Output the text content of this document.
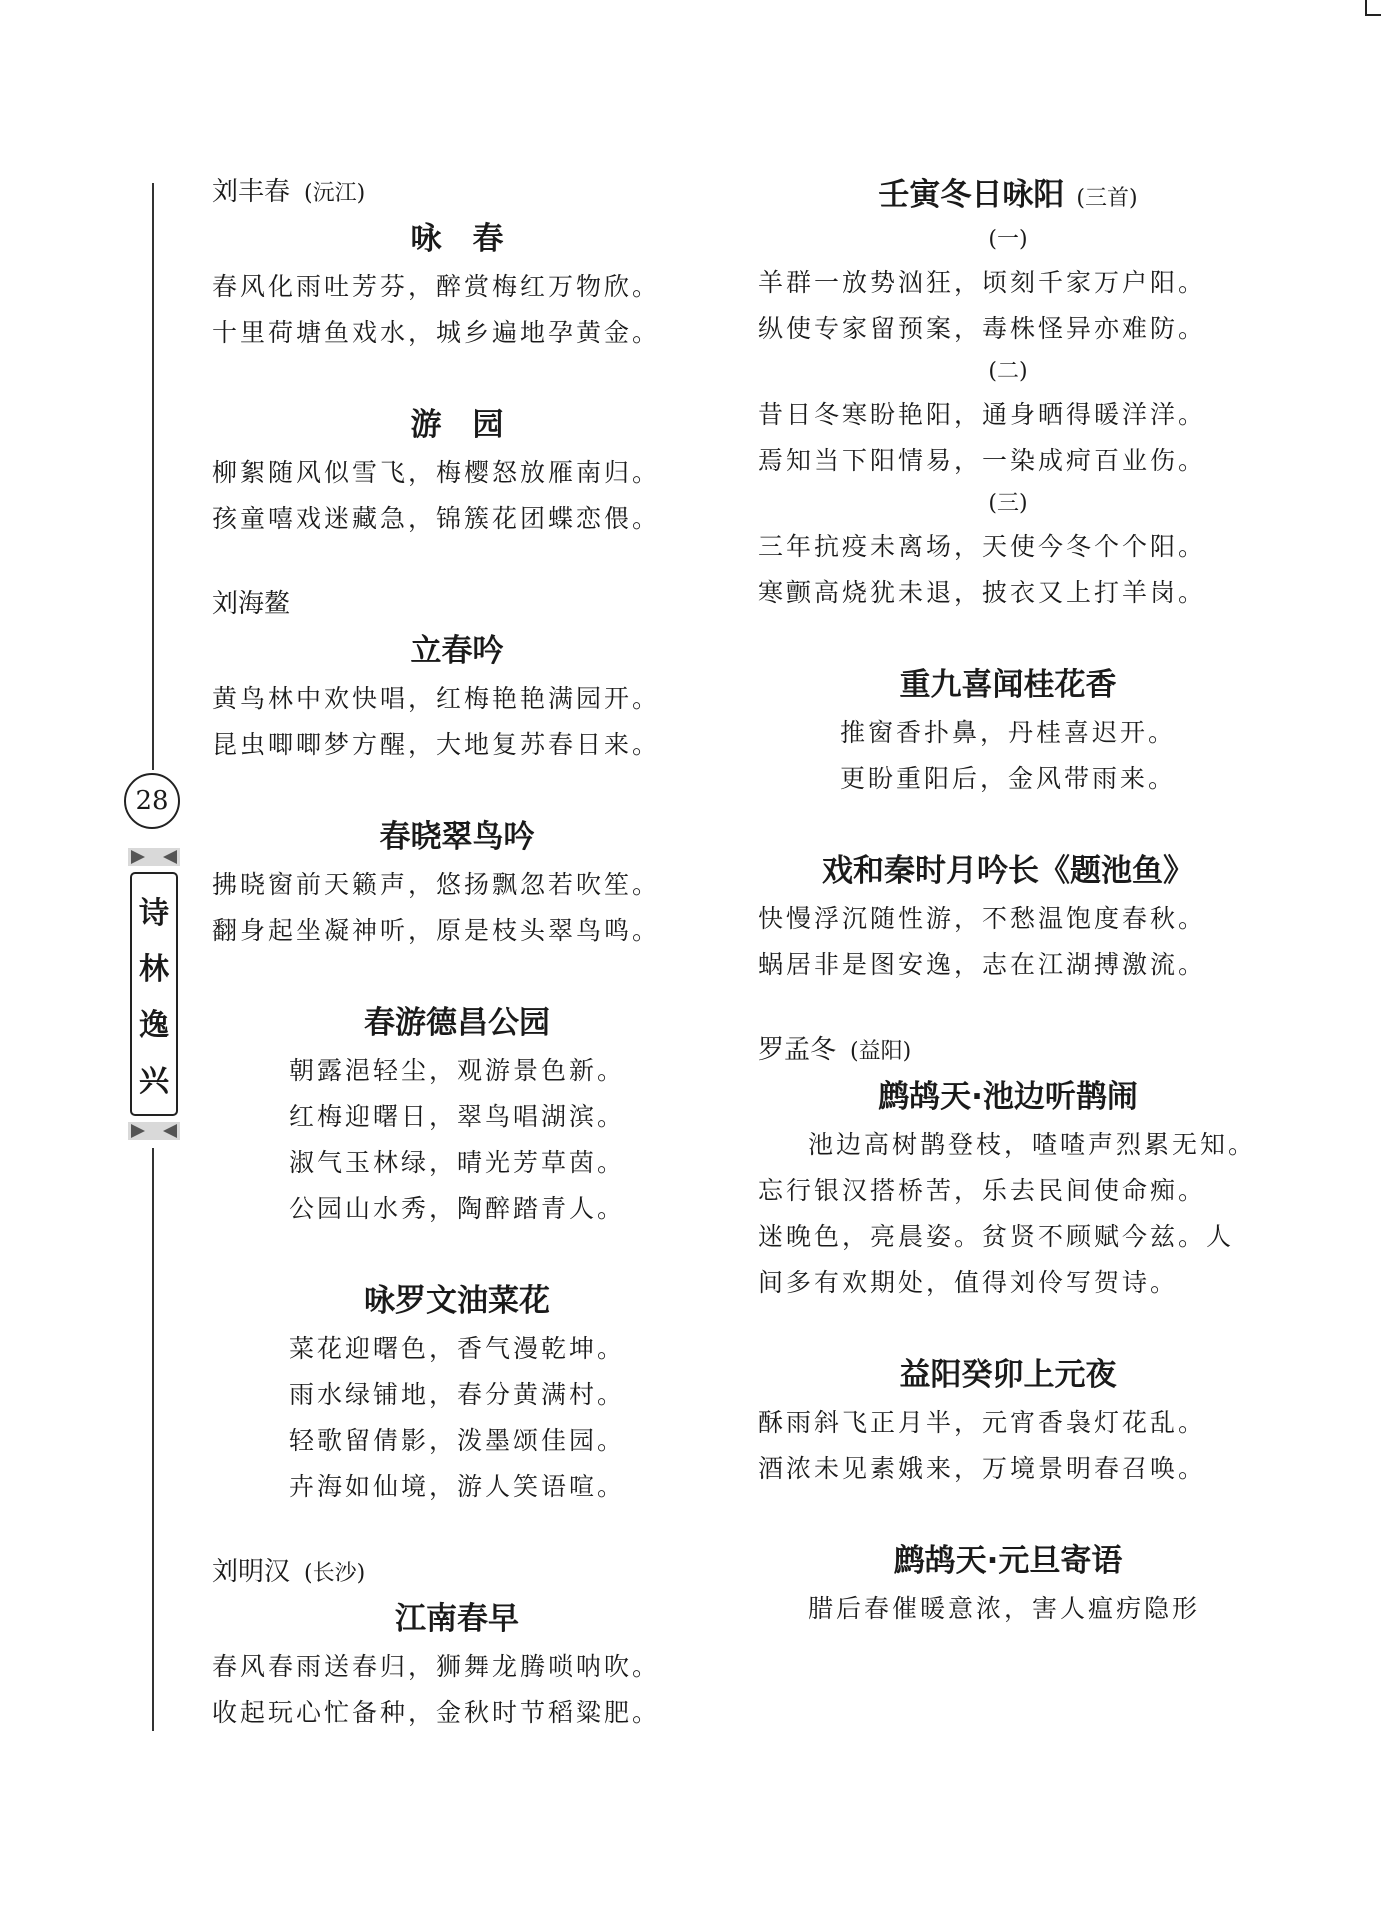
28
诗
林
逸
兴

刘丰春 (沅江)

咏　春

春风化雨吐芳芬，醉赏梅红万物欣。

十里荷塘鱼戏水，城乡遍地孕黄金。

游　园

柳絮随风似雪飞，梅樱怒放雁南归。

孩童嘻戏迷藏急，锦簇花团蝶恋偎。

刘海鳌

立春吟

黄鸟林中欢快唱，红梅艳艳满园开。

昆虫唧唧梦方醒，大地复苏春日来。

春晓翠鸟吟

拂晓窗前天籁声，悠扬飘忽若吹笙。

翻身起坐凝神听，原是枝头翠鸟鸣。

春游德昌公园

朝露浥轻尘，观游景色新。

红梅迎曙日，翠鸟唱湖滨。

淑气玉林绿，晴光芳草茵。

公园山水秀，陶醉踏青人。

咏罗文油菜花

菜花迎曙色，香气漫乾坤。

雨水绿铺地，春分黄满村。

轻歌留倩影，泼墨颂佳园。

卉海如仙境，游人笑语喧。

刘明汉 (长沙)

江南春早

春风春雨送春归，狮舞龙腾唢呐吹。

收起玩心忙备种，金秋时节稻粱肥。

壬寅冬日咏阳 (三首)

(一)

羊群一放势汹狂，顷刻千家万户阳。

纵使专家留预案，毒株怪异亦难防。

(二)

昔日冬寒盼艳阳，通身晒得暖洋洋。

焉知当下阳情易，一染成疴百业伤。

(三)

三年抗疫未离场，天使今冬个个阳。

寒颤高烧犹未退，披衣又上打羊岗。

重九喜闻桂花香

推窗香扑鼻，丹桂喜迟开。

更盼重阳后，金风带雨来。

戏和秦时月吟长《题池鱼》

快慢浮沉随性游，不愁温饱度春秋。

蜗居非是图安逸，志在江湖搏激流。

罗孟冬 (益阳)

鹧鸪天·池边听鹊闹

池边高树鹊登枝，喳喳声烈累无知。忘行银汉搭桥苦，乐去民间使命痴。　　迷晚色，亮晨姿。贫贤不顾赋今兹。人间多有欢期处，值得刘伶写贺诗。

益阳癸卯上元夜

酥雨斜飞正月半，元宵香袅灯花乱。

酒浓未见素娥来，万境景明春召唤。

鹧鸪天·元旦寄语

腊后春催暖意浓，害人瘟疠隐形
